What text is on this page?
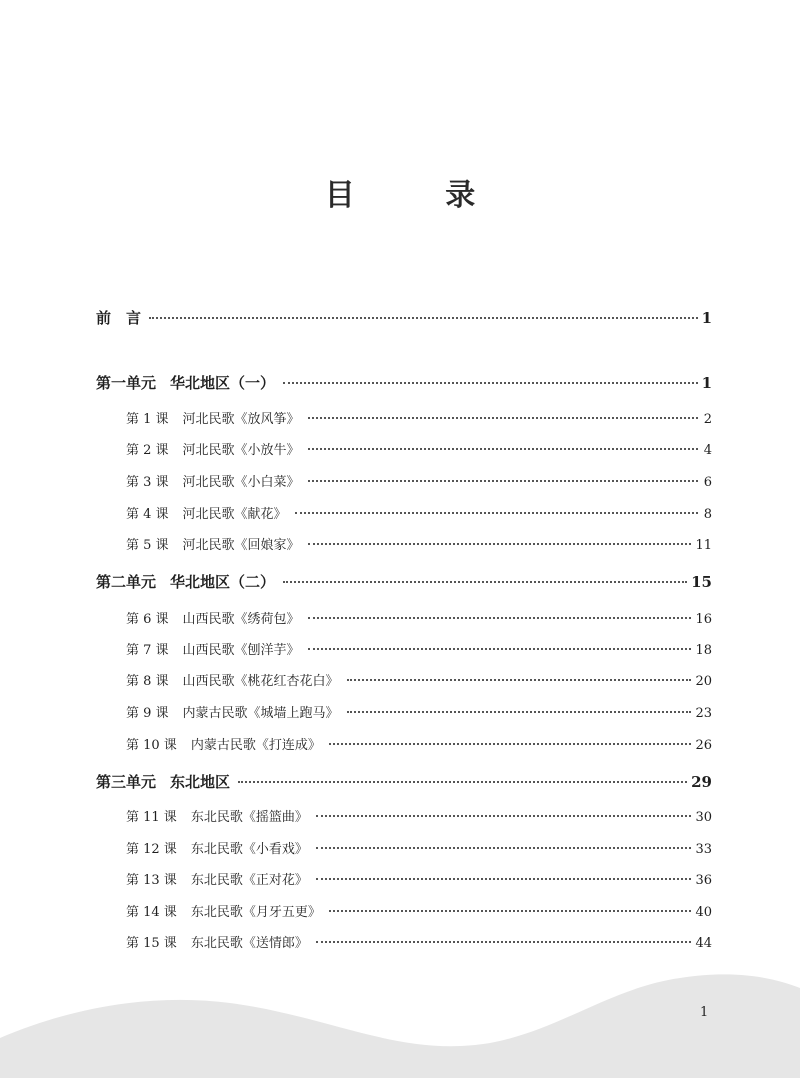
目 录
前　言	1
第一单元 华北地区（一）	1
第 1 课 河北民歌《放风筝》	2
第 2 课 河北民歌《小放牛》	4
第 3 课 河北民歌《小白菜》	6
第 4 课 河北民歌《献花》	8
第 5 课 河北民歌《回娘家》	11
第二单元 华北地区（二）	15
第 6 课 山西民歌《绣荷包》	16
第 7 课 山西民歌《刨洋芋》	18
第 8 课 山西民歌《桃花红杏花白》	20
第 9 课 内蒙古民歌《城墙上跑马》	23
第 10 课 内蒙古民歌《打连成》	26
第三单元 东北地区	29
第 11 课 东北民歌《摇篮曲》	30
第 12 课 东北民歌《小看戏》	33
第 13 课 东北民歌《正对花》	36
第 14 课 东北民歌《月牙五更》	40
第 15 课 东北民歌《送情郎》	44
1
